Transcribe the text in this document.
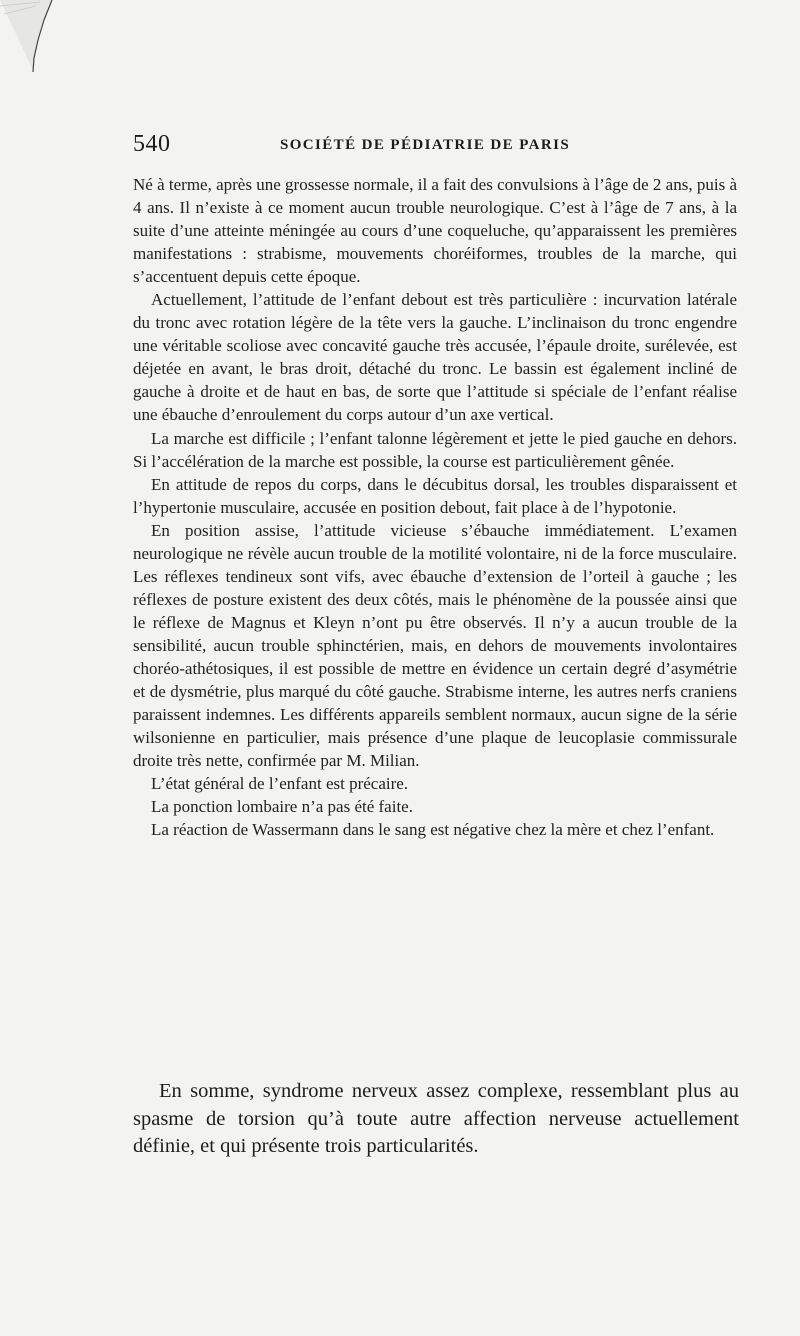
540	SOCIÉTÉ DE PÉDIATRIE DE PARIS

Né à terme, après une grossesse normale, il a fait des convulsions à l’âge de 2 ans, puis à 4 ans. Il n’existe à ce moment aucun trouble neurologique. C’est à l’âge de 7 ans, à la suite d’une atteinte méningée au cours d’une coqueluche, qu’apparaissent les premières manifestations : strabisme, mouvements choréiformes, troubles de la marche, qui s’accentuent depuis cette époque.

Actuellement, l’attitude de l’enfant debout est très particulière : incurvation latérale du tronc avec rotation légère de la tête vers la gauche. L’inclinaison du tronc engendre une véritable scoliose avec concavité gauche très accusée, l’épaule droite, surélevée, est déjetée en avant, le bras droit, détaché du tronc. Le bassin est également incliné de gauche à droite et de haut en bas, de sorte que l’attitude si spéciale de l’enfant réalise une ébauche d’enroulement du corps autour d’un axe vertical.

La marche est difficile ; l’enfant talonne légèrement et jette le pied gauche en dehors. Si l’accélération de la marche est possible, la course est particulièrement gênée.

En attitude de repos du corps, dans le décubitus dorsal, les troubles disparaissent et l’hypertonie musculaire, accusée en position debout, fait place à de l’hypotonie.

En position assise, l’attitude vicieuse s’ébauche immédiatement. L’examen neurologique ne révèle aucun trouble de la motilité volontaire, ni de la force musculaire. Les réflexes tendineux sont vifs, avec ébauche d’extension de l’orteil à gauche ; les réflexes de posture existent des deux côtés, mais le phénomène de la poussée ainsi que le réflexe de Magnus et Kleyn n’ont pu être observés. Il n’y a aucun trouble de la sensibilité, aucun trouble sphinctérien, mais, en dehors de mouvements involontaires choréo-athétosiques, il est possible de mettre en évidence un certain degré d’asymétrie et de dysmétrie, plus marqué du côté gauche. Strabisme interne, les autres nerfs craniens paraissent indemnes. Les différents appareils semblent normaux, aucun signe de la série wilsonienne en particulier, mais présence d’une plaque de leucoplasie commissurale droite très nette, confirmée par M. Milian.

L’état général de l’enfant est précaire.

La ponction lombaire n’a pas été faite.

La réaction de Wassermann dans le sang est négative chez la mère et chez l’enfant.

En somme, syndrome nerveux assez complexe, ressemblant plus au spasme de torsion qu’à toute autre affection nerveuse actuellement définie, et qui présente trois particularités.
